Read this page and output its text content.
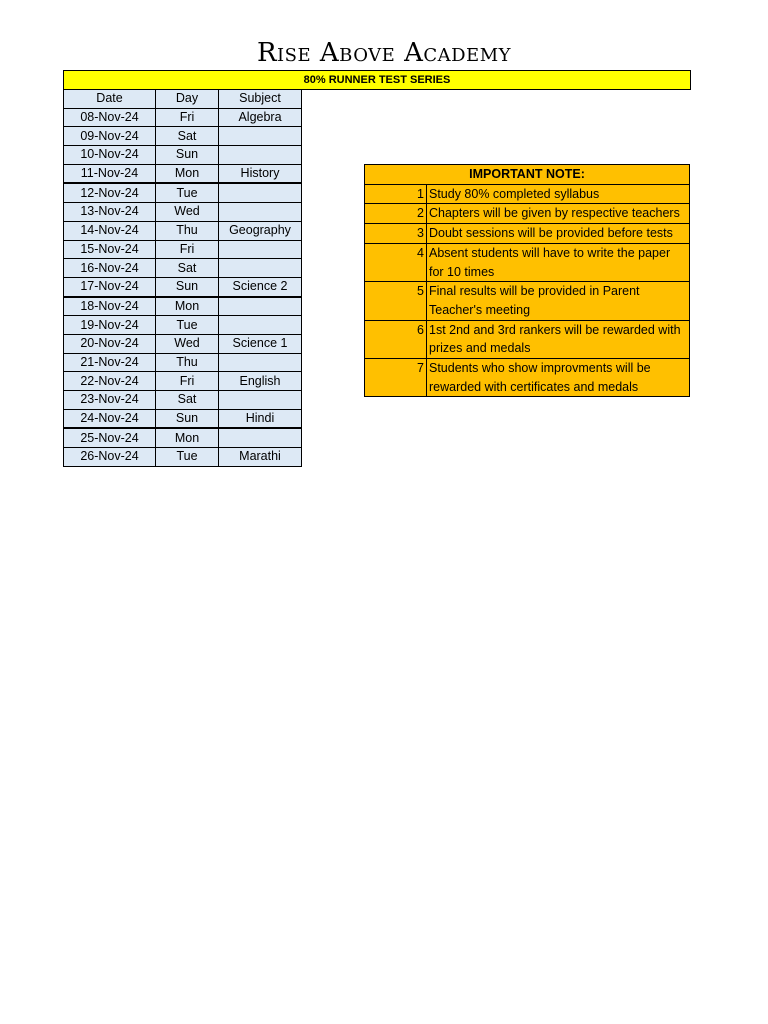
Rise Above Academy
80% RUNNER TEST SERIES
Date	Day	Subject
08-Nov-24	Fri	Algebra
09-Nov-24	Sat	
10-Nov-24	Sun	
11-Nov-24	Mon	History
12-Nov-24	Tue	
13-Nov-24	Wed	
14-Nov-24	Thu	Geography
15-Nov-24	Fri	
16-Nov-24	Sat	
17-Nov-24	Sun	Science 2
18-Nov-24	Mon	
19-Nov-24	Tue	
20-Nov-24	Wed	Science 1
21-Nov-24	Thu	
22-Nov-24	Fri	English
23-Nov-24	Sat	
24-Nov-24	Sun	Hindi
25-Nov-24	Mon	
26-Nov-24	Tue	Marathi
IMPORTANT NOTE:	
1	Study 80% completed syllabus
2	Chapters will be given by respective teachers
3	Doubt sessions will be provided before tests
4	Absent students will have to write the paper for 10 times
5	Final results will be provided in Parent Teacher's meeting
6	1st 2nd and 3rd rankers will be rewarded with prizes and medals
7	Students who show improvments will be rewarded with certificates and medals
